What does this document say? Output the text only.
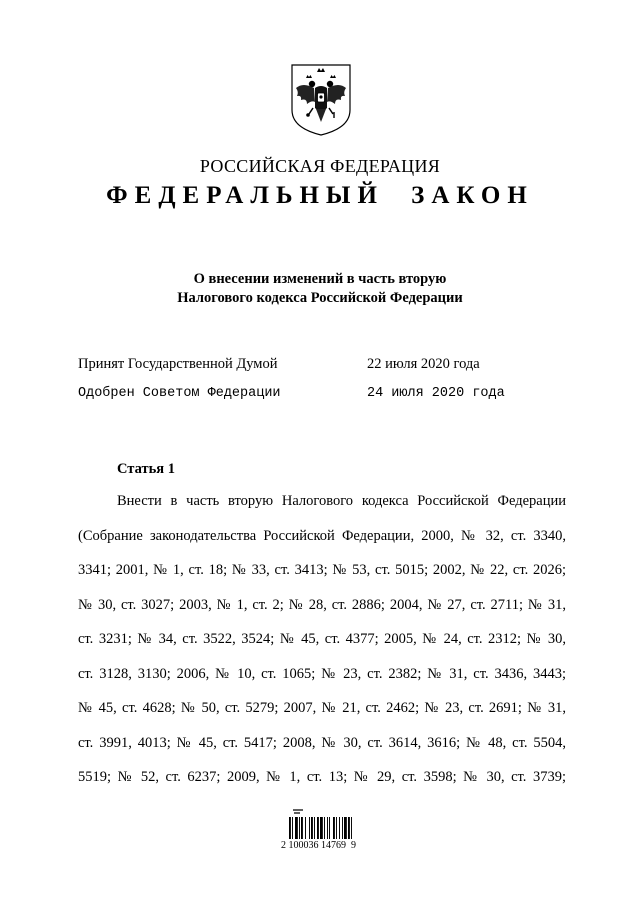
РОССИЙСКАЯ ФЕДЕРАЦИЯ
ФЕДЕРАЛЬНЫЙ ЗАКОН
О внесении изменений в часть вторую
Налогового кодекса Российской Федерации
Принят Государственной Думой	22 июля 2020 года
Одобрен Советом Федерации	24 июля 2020 года
Статья 1
Внести в часть вторую Налогового кодекса Российской Федерации
(Собрание законодательства Российской Федерации, 2000, № 32, ст. 3340,
3341; 2001, № 1, ст. 18; № 33, ст. 3413; № 53, ст. 5015; 2002, № 22, ст. 2026;
№ 30, ст. 3027; 2003, № 1, ст. 2; № 28, ст. 2886; 2004, № 27, ст. 2711; № 31,
ст. 3231; № 34, ст. 3522, 3524; № 45, ст. 4377; 2005, № 24, ст. 2312; № 30,
ст. 3128, 3130; 2006, № 10, ст. 1065; № 23, ст. 2382; № 31, ст. 3436, 3443;
№ 45, ст. 4628; № 50, ст. 5279; 2007, № 21, ст. 2462; № 23, ст. 2691; № 31,
ст. 3991, 4013; № 45, ст. 5417; 2008, № 30, ст. 3614, 3616; № 48, ст. 5504,
5519; № 52, ст. 6237; 2009, № 1, ст. 13; № 29, ст. 3598; № 30, ст. 3739;
2 100036 14769  9
